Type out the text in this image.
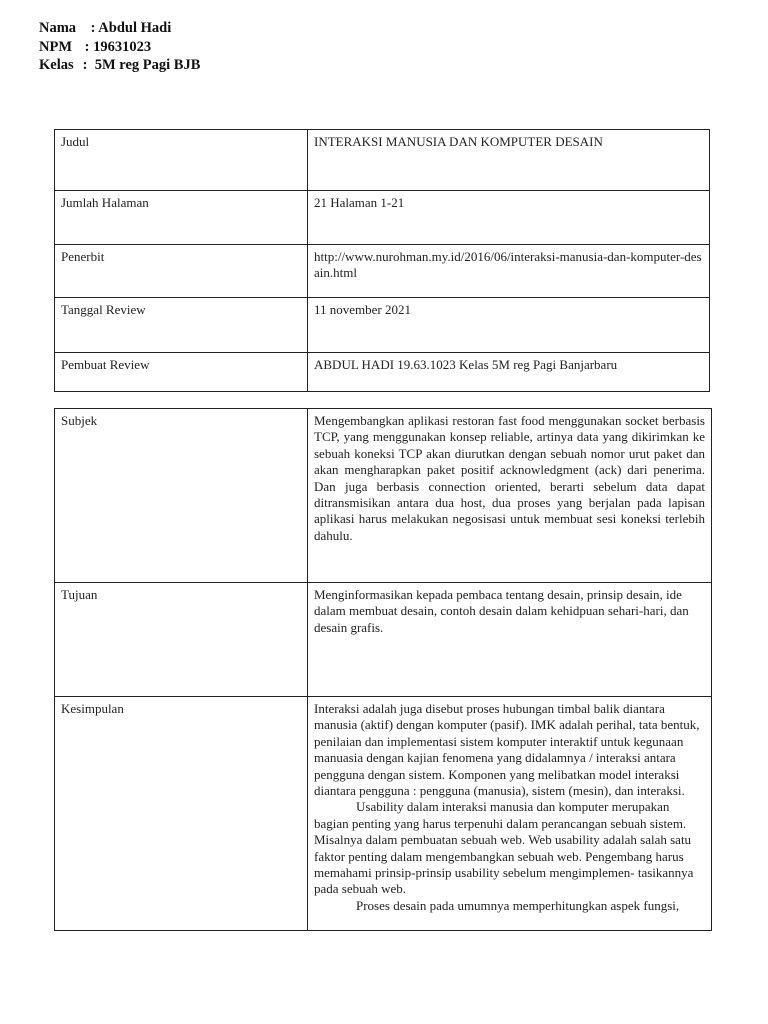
Nama : Abdul Hadi
NPM : 19631023
Kelas :  5M reg Pagi BJB
Judul	INTERAKSI MANUSIA DAN KOMPUTER DESAIN
Jumlah Halaman	21 Halaman 1-21
Penerbit	http://www.nurohman.my.id/2016/06/interaksi-manusia-dan-komputer-desain.html
Tanggal Review	11 november 2021
Pembuat Review	ABDUL HADI 19.63.1023 Kelas 5M reg Pagi Banjarbaru
Subjek	Mengembangkan aplikasi restoran fast food menggunakan socket berbasis TCP, yang menggunakan konsep reliable, artinya data yang dikirimkan ke sebuah koneksi TCP akan diurutkan dengan sebuah nomor urut paket dan akan mengharapkan paket positif acknowledgment (ack) dari penerima. Dan juga berbasis connection oriented, berarti sebelum data dapat ditransmisikan antara dua host, dua proses yang berjalan pada lapisan aplikasi harus melakukan negosisasi untuk membuat sesi koneksi terlebih dahulu.
Tujuan	Menginformasikan kepada pembaca tentang desain, prinsip desain, ide dalam membuat desain, contoh desain dalam kehidpuan sehari-hari, dan desain grafis.
Kesimpulan	Interaksi adalah juga disebut proses hubungan timbal balik diantara manusia (aktif) dengan komputer (pasif). IMK adalah perihal, tata bentuk, penilaian dan implementasi sistem komputer interaktif untuk kegunaan manuasia dengan kajian fenomena yang didalamnya / interaksi antara pengguna dengan sistem. Komponen yang melibatkan model interaksi diantara pengguna : pengguna (manusia), sistem (mesin), dan interaksi.

Usability dalam interaksi manusia dan komputer merupakan bagian penting yang harus terpenuhi dalam perancangan sebuah sistem. Misalnya dalam pembuatan sebuah web. Web usability adalah salah satu faktor penting dalam mengembangkan sebuah web. Pengembang harus memahami prinsip-prinsip usability sebelum mengimplemen- tasikannya pada sebuah web.

Proses desain pada umumnya memperhitungkan aspek fungsi,
